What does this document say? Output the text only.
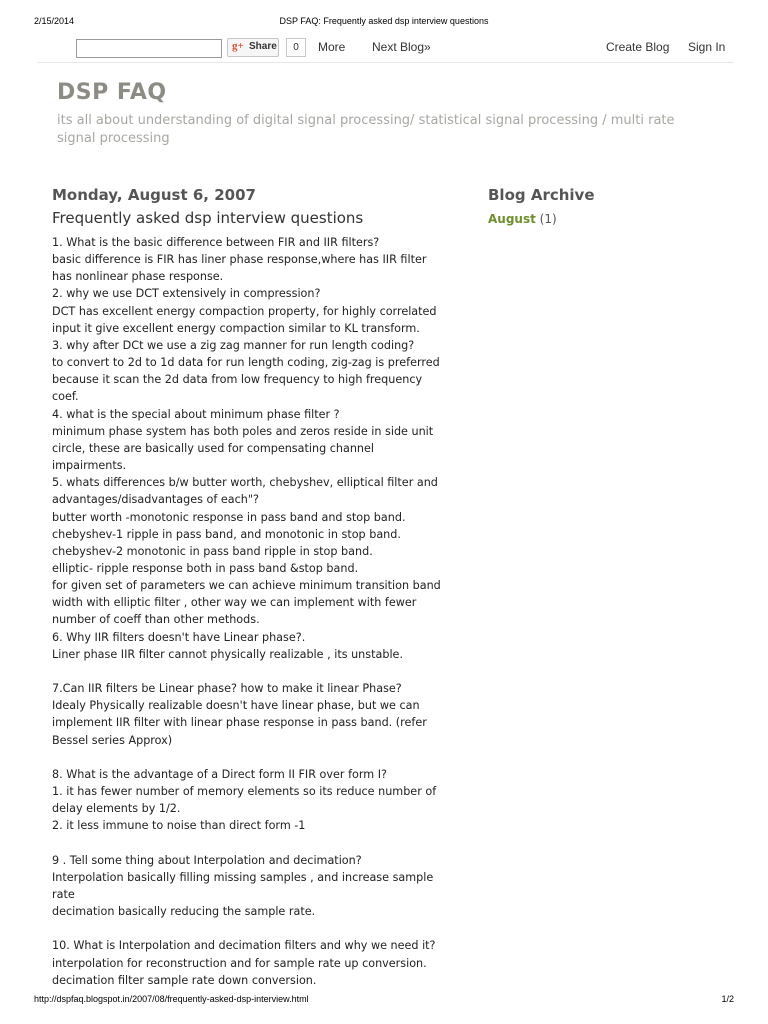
2/15/2014	DSP FAQ: Frequently asked dsp interview questions
g+ Share	0	More Next Blog»	Create Blog Sign In
DSP FAQ
its all about understanding of digital signal processing/ statistical signal processing / multi rate signal processing
Monday, August 6, 2007
Frequently asked dsp interview questions
1. What is the basic difference between FIR and IIR filters?
basic difference is FIR has liner phase response,where has IIR filter
has nonlinear phase response.
2. why we use DCT extensively in compression?
DCT has excellent energy compaction property, for highly correlated
input it give excellent energy compaction similar to KL transform.
3. why after DCt we use a zig zag manner for run length coding?
to convert to 2d to 1d data for run length coding, zig-zag is preferred
because it scan the 2d data from low frequency to high frequency
coef.
4. what is the special about minimum phase filter ?
minimum phase system has both poles and zeros reside in side unit
circle, these are basically used for compensating channel
impairments.
5. whats differences b/w butter worth, chebyshev, elliptical filter and
advantages/disadvantages of each"?
butter worth -monotonic response in pass band and stop band.
chebyshev-1 ripple in pass band, and monotonic in stop band.
chebyshev-2 monotonic in pass band ripple in stop band.
elliptic- ripple response both in pass band &stop band.
for given set of parameters we can achieve minimum transition band
width with elliptic filter , other way we can implement with fewer
number of coeff than other methods.
6. Why IIR filters doesn't have Linear phase?.
Liner phase IIR filter cannot physically realizable , its unstable.
7.Can IIR filters be Linear phase? how to make it linear Phase?
Idealy Physically realizable doesn't have linear phase, but we can
implement IIR filter with linear phase response in pass band. (refer
Bessel series Approx)
8. What is the advantage of a Direct form II FIR over form I?
1. it has fewer number of memory elements so its reduce number of
delay elements by 1/2.
2. it less immune to noise than direct form -1
9 . Tell some thing about Interpolation and decimation?
Interpolation basically filling missing samples , and increase sample
rate
decimation basically reducing the sample rate.
10. What is Interpolation and decimation filters and why we need it?
interpolation for reconstruction and for sample rate up conversion.
decimation filter sample rate down conversion.
Blog Archive
August (1)
http://dspfaq.blogspot.in/2007/08/frequently-asked-dsp-interview.html	1/2
